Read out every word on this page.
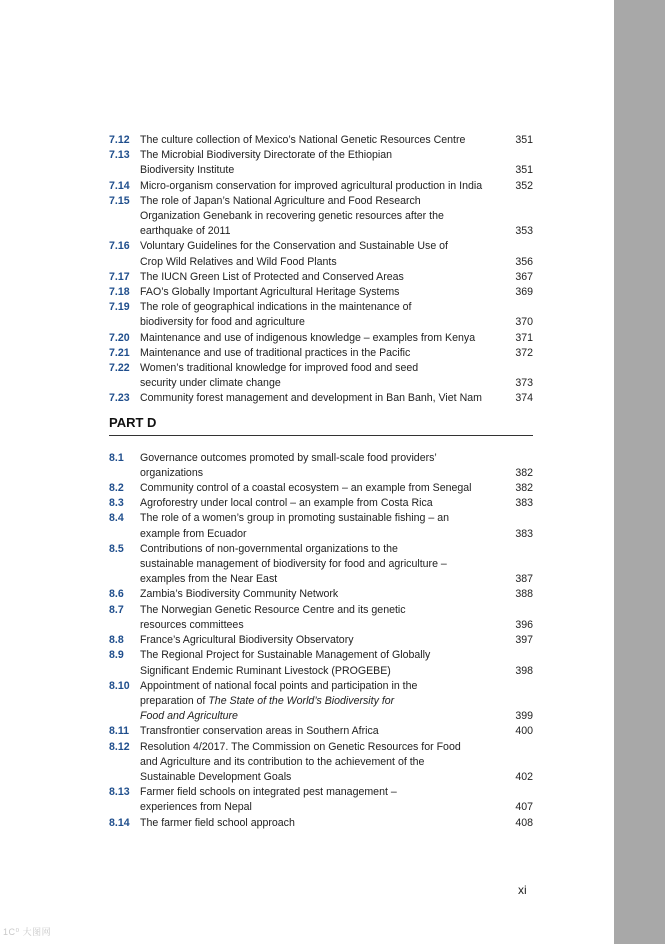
7.12 The culture collection of Mexico’s National Genetic Resources Centre	351
7.13 The Microbial Biodiversity Directorate of the Ethiopian
Biodiversity Institute	351
7.14 Micro-organism conservation for improved agricultural production in India	352
7.15 The role of Japan’s National Agriculture and Food Research
Organization Genebank in recovering genetic resources after the
earthquake of 2011	353
7.16 Voluntary Guidelines for the Conservation and Sustainable Use of
Crop Wild Relatives and Wild Food Plants	356
7.17 The IUCN Green List of Protected and Conserved Areas	367
7.18 FAO’s Globally Important Agricultural Heritage Systems	369
7.19 The role of geographical indications in the maintenance of
biodiversity for food and agriculture	370
7.20 Maintenance and use of indigenous knowledge – examples from Kenya	371
7.21 Maintenance and use of traditional practices in the Pacific	372
7.22 Women’s traditional knowledge for improved food and seed
security under climate change	373
7.23 Community forest management and development in Ban Banh, Viet Nam	374
PART D
8.1	Governance outcomes promoted by small-scale food providers’
organizations	382
8.2	Community control of a coastal ecosystem – an example from Senegal	382
8.3	Agroforestry under local control – an example from Costa Rica	383
8.4	The role of a women’s group in promoting sustainable fishing – an
example from Ecuador	383
8.5	Contributions of non-governmental organizations to the
sustainable management of biodiversity for food and agriculture –
examples from the Near East	387
8.6	Zambia’s Biodiversity Community Network	388
8.7	The Norwegian Genetic Resource Centre and its genetic
resources committees	396
8.8	France’s Agricultural Biodiversity Observatory	397
8.9	The Regional Project for Sustainable Management of Globally
Significant Endemic Ruminant Livestock (PROGEBE)	398
8.10 Appointment of national focal points and participation in the
preparation of The State of the World’s Biodiversity for
Food and Agriculture	399
8.11	Transfrontier conservation areas in Southern Africa	400
8.12 Resolution 4/2017. The Commission on Genetic Resources for Food
and Agriculture and its contribution to the achievement of the
Sustainable Development Goals	402
8.13 Farmer field schools on integrated pest management –
experiences from Nepal	407
8.14 The farmer field school approach	408
xi
1C⁰ 大图网
